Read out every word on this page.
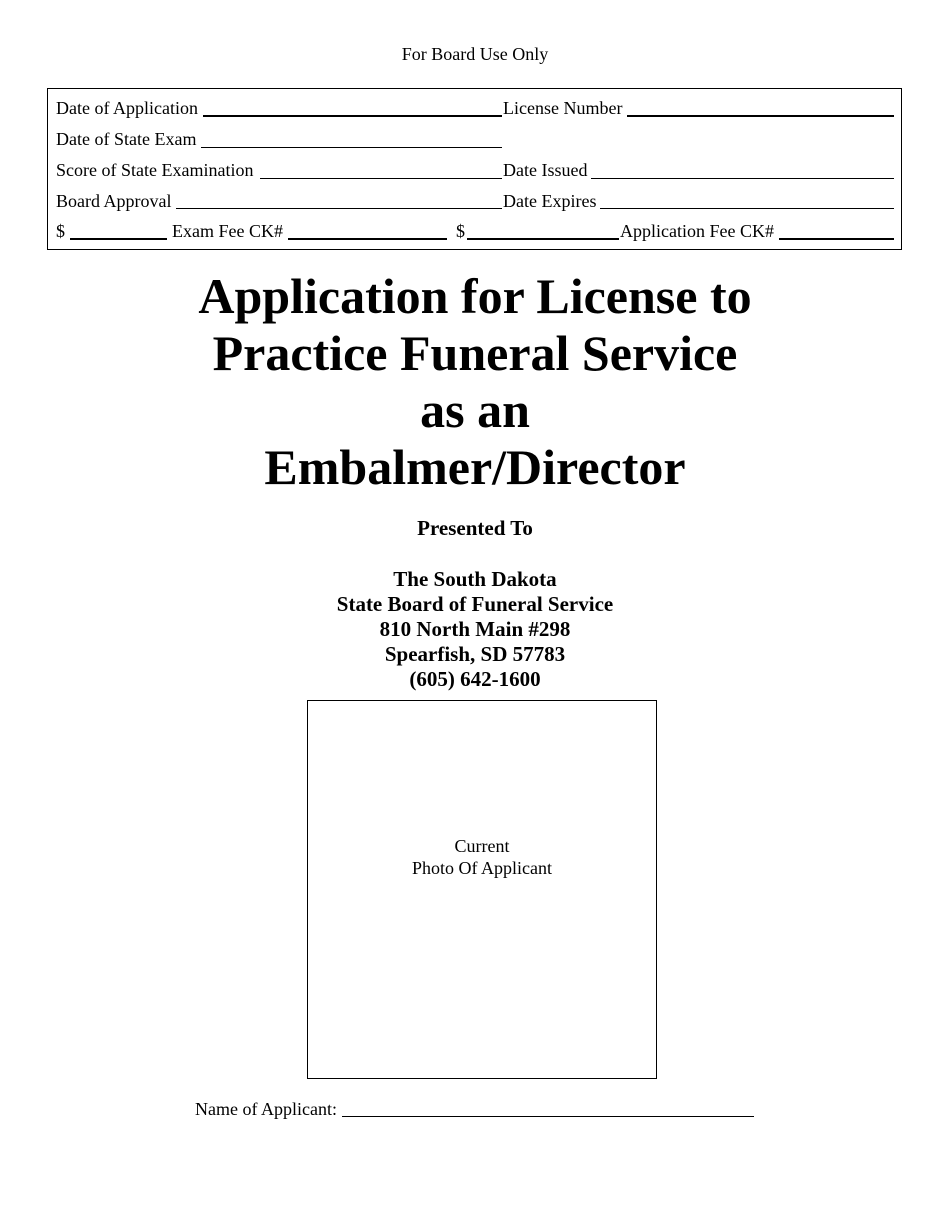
For Board Use Only
Date of Application	License Number
Date of State Exam
Score of State Examination	Date Issued
Board Approval	Date Expires
$	Exam Fee CK#	$	Application Fee CK#
Application for License to
Practice Funeral Service
as an
Embalmer/Director
Presented To
The South Dakota
State Board of Funeral Service
810 North Main #298
Spearfish, SD 57783
(605) 642-1600
Current
Photo Of Applicant
Name of Applicant:
